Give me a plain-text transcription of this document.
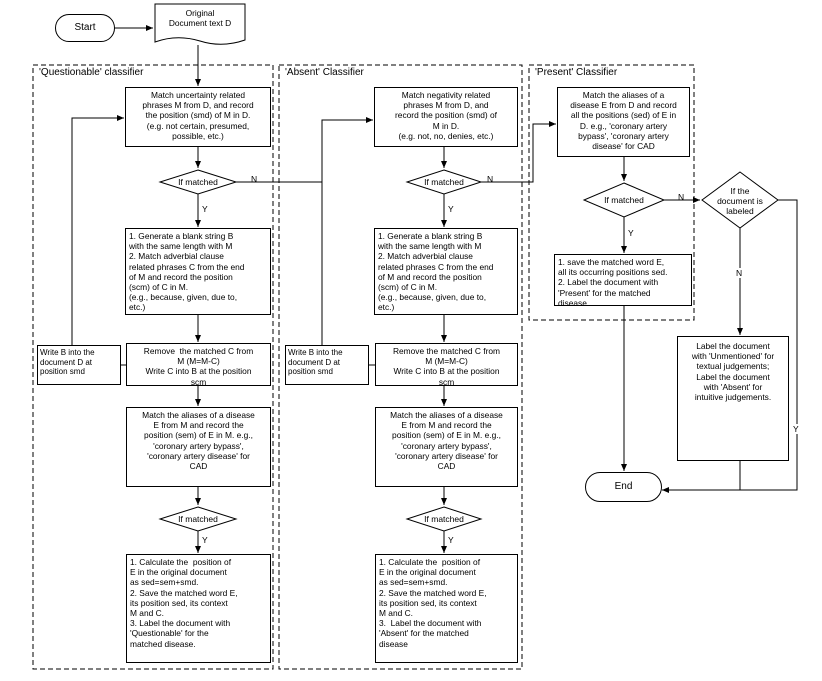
'Questionable' classifier	'Absent' Classifier	'Present' Classifier
Start
End
Original
Document text D
Match uncertainty related
phrases M from D, and record
the position (smd) of M in D.
(e.g. not certain, presumed,
possible, etc.)
If matched
1. Generate a blank string B
with the same length with M
2. Match adverbial clause
related phrases C from the end
of M and record the position
(scm) of C in M.
(e.g., because, given, due to,
etc.)
Remove  the matched C from
M (M=M-C)
Write C into B at the position
scm
Write B into the
document D at
position smd
Match the aliases of a disease
E from M and record the
position (sem) of E in M. e.g.,
'coronary artery bypass',
'coronary artery disease' for
CAD
If matched
1. Calculate the  position of
E in the original document
as sed=sem+smd.
2. Save the matched word E,
its position sed, its context
M and C.
3. Label the document with
'Questionable' for the
matched disease.
Match negativity related
phrases M from D, and
record the position (smd) of
M in D.
(e.g. not, no, denies, etc.)
If matched
1. Generate a blank string B
with the same length with M
2. Match adverbial clause
related phrases C from the end
of M and record the position
(scm) of C in M.
(e.g., because, given, due to,
etc.)
Remove the matched C from
M (M=M-C)
Write C into B at the position
scm
Write B into the
document D at
position smd
Match the aliases of a disease
E from M and record the
position (sem) of E in M. e.g.,
'coronary artery bypass',
'coronary artery disease' for
CAD
If matched
1. Calculate the  position of
E in the original document
as sed=sem+smd.
2. Save the matched word E,
its position sed, its context
M and C.
3.  Label the document with
'Absent' for the matched
disease
Match the aliases of a
disease E from D and record
all the positions (sed) of E in
D. e.g., 'coronary artery
bypass', 'coronary artery
disease' for CAD
If matched
1. save the matched word E,
all its occurring positions sed.
2. Label the document with
'Present' for the matched
disease
If the
document is
labeled
Label the document
with 'Unmentioned' for
textual judgements;
Label the document
with 'Absent' for
intuitive judgements.
N
Y
Y
N
Y
Y
N
Y
N
Y
